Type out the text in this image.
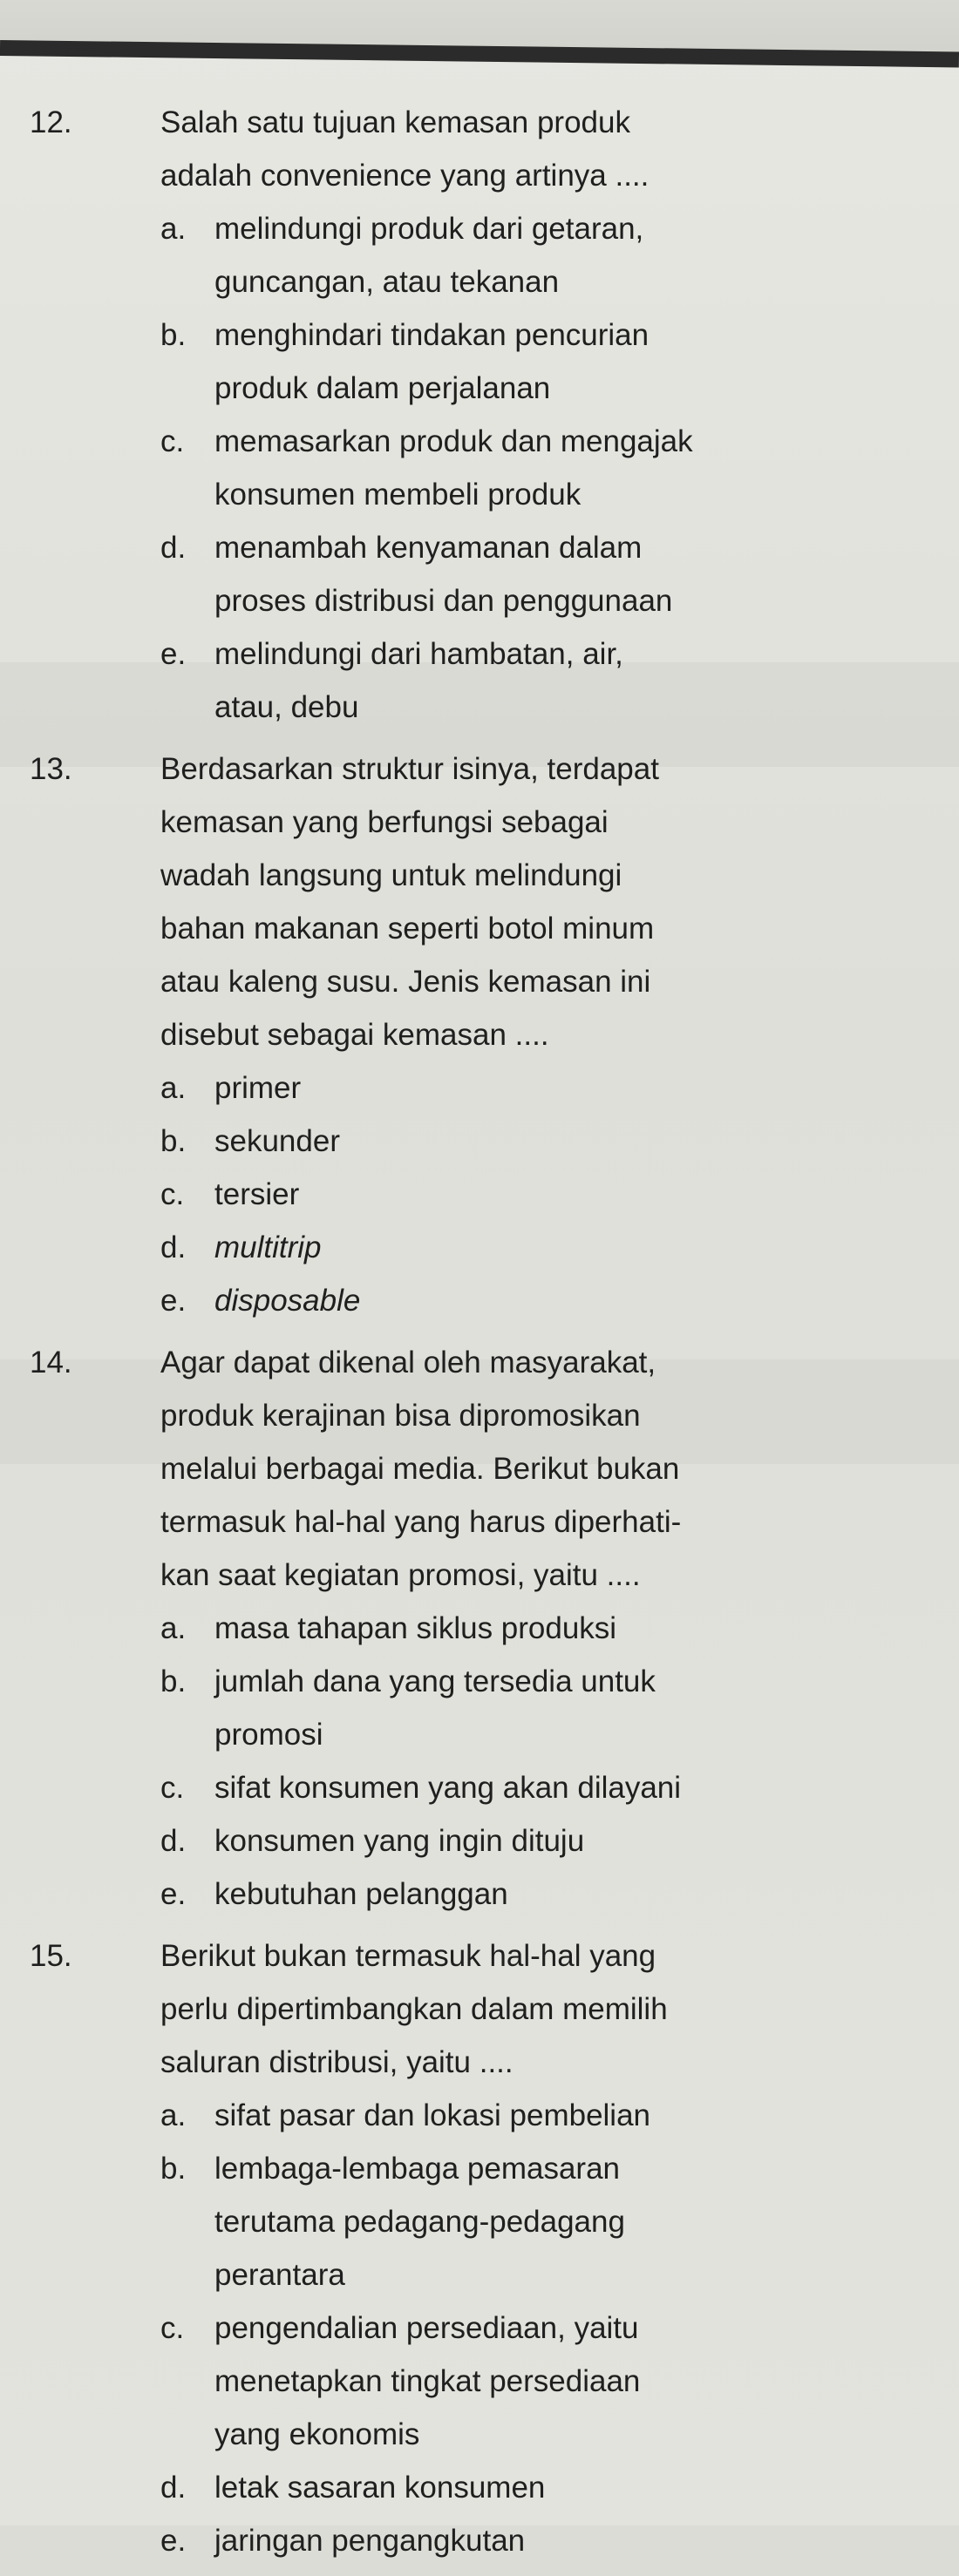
12.	Salah satu tujuan kemasan produk
adalah convenience yang artinya ....
a. melindungi produk dari getaran,
guncangan, atau tekanan
b. menghindari tindakan pencurian
produk dalam perjalanan
c. memasarkan produk dan mengajak
konsumen membeli produk
d. menambah kenyamanan dalam
proses distribusi dan penggunaan
e. melindungi dari hambatan, air,
atau, debu
13.	Berdasarkan struktur isinya, terdapat
kemasan yang berfungsi sebagai
wadah langsung untuk melindungi
bahan makanan seperti botol minum
atau kaleng susu. Jenis kemasan ini
disebut sebagai kemasan ....
a. primer
b. sekunder
c. tersier
d. multitrip
e. disposable
14.	Agar dapat dikenal oleh masyarakat,
produk kerajinan bisa dipromosikan
melalui berbagai media. Berikut bukan
termasuk hal-hal yang harus diperhati-
kan saat kegiatan promosi, yaitu ....
a. masa tahapan siklus produksi
b. jumlah dana yang tersedia untuk
promosi
c. sifat konsumen yang akan dilayani
d. konsumen yang ingin dituju
e. kebutuhan pelanggan
15.	Berikut bukan termasuk hal-hal yang
perlu dipertimbangkan dalam memilih
saluran distribusi, yaitu ....
a. sifat pasar dan lokasi pembelian
b. lembaga-lembaga pemasaran
terutama pedagang-pedagang
perantara
c. pengendalian persediaan, yaitu
menetapkan tingkat persediaan
yang ekonomis
d. letak sasaran konsumen
e. jaringan pengangkutan
